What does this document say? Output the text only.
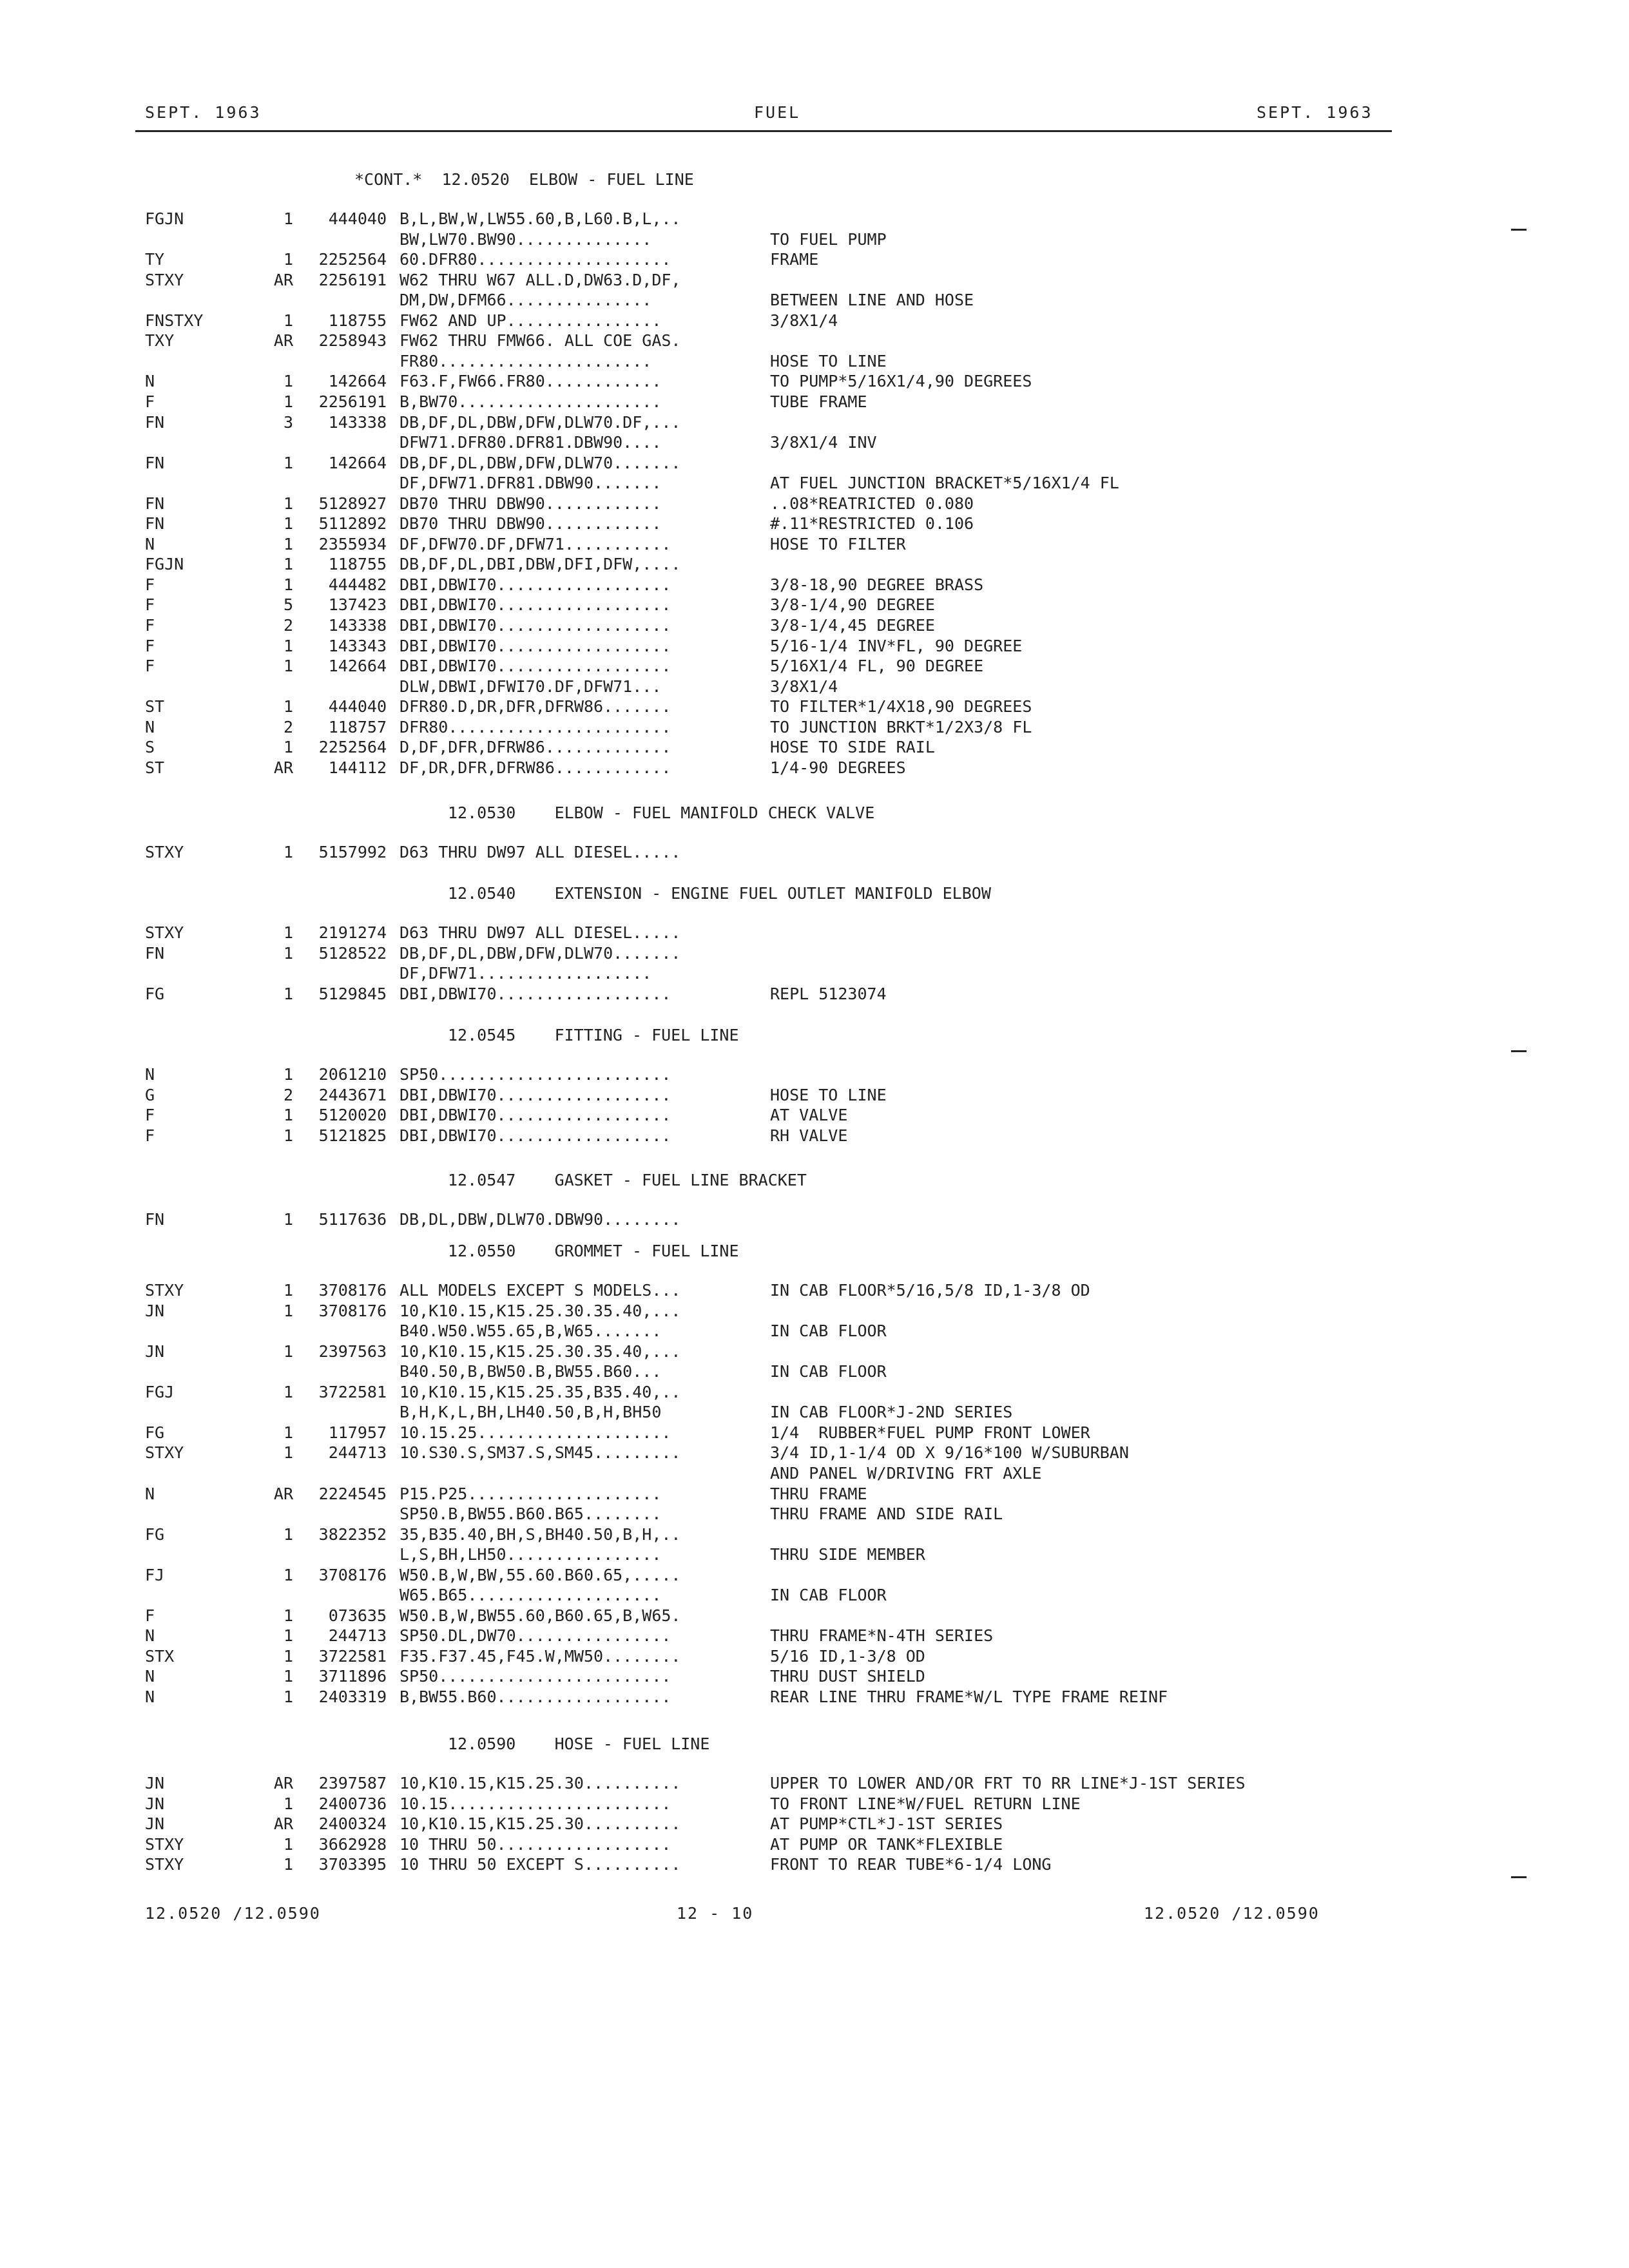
SEPT. 1963	FUEL	SEPT. 1963
*CONT.*  12.0520  ELBOW - FUEL LINE
FGJN	1	444040 B,L,BW,W,LW55.60,B,L60.B,L,..
BW,LW70.BW90..............	TO FUEL PUMP
TY	1	2252564 60.DFR80....................	FRAME
STXY	AR	2256191 W62 THRU W67 ALL.D,DW63.D,DF,
DM,DW,DFM66...............	BETWEEN LINE AND HOSE
FNSTXY	1	118755 FW62 AND UP................	3/8X1/4
TXY	AR	2258943 FW62 THRU FMW66. ALL COE GAS.
FR80......................	HOSE TO LINE
N	1	142664 F63.F,FW66.FR80............	TO PUMP*5/16X1/4,90 DEGREES
F	1	2256191 B,BW70.....................	TUBE FRAME
FN	3	143338 DB,DF,DL,DBW,DFW,DLW70.DF,...
DFW71.DFR80.DFR81.DBW90....	3/8X1/4 INV
FN	1	142664 DB,DF,DL,DBW,DFW,DLW70.......
DF,DFW71.DFR81.DBW90.......	AT FUEL JUNCTION BRACKET*5/16X1/4 FL
FN	1	5128927 DB70 THRU DBW90............	..08*REATRICTED 0.080
FN	1	5112892 DB70 THRU DBW90............	#.11*RESTRICTED 0.106
N	1	2355934 DF,DFW70.DF,DFW71...........	HOSE TO FILTER
FGJN	1	118755 DB,DF,DL,DBI,DBW,DFI,DFW,....
F	1	444482 DBI,DBWI70..................	3/8-18,90 DEGREE BRASS
F	5	137423 DBI,DBWI70..................	3/8-1/4,90 DEGREE
F	2	143338 DBI,DBWI70..................	3/8-1/4,45 DEGREE
F	1	143343 DBI,DBWI70..................	5/16-1/4 INV*FL, 90 DEGREE
F	1	142664 DBI,DBWI70..................	5/16X1/4 FL, 90 DEGREE
DLW,DBWI,DFWI70.DF,DFW71...	3/8X1/4
ST	1	444040 DFR80.D,DR,DFR,DFRW86.......	TO FILTER*1/4X18,90 DEGREES
N	2	118757 DFR80.......................	TO JUNCTION BRKT*1/2X3/8 FL
S	1	2252564 D,DF,DFR,DFRW86.............	HOSE TO SIDE RAIL
ST	AR	144112 DF,DR,DFR,DFRW86............	1/4-90 DEGREES
12.0530    ELBOW - FUEL MANIFOLD CHECK VALVE
STXY	1	5157992 D63 THRU DW97 ALL DIESEL.....
12.0540    EXTENSION - ENGINE FUEL OUTLET MANIFOLD ELBOW
STXY	1	2191274 D63 THRU DW97 ALL DIESEL.....
FN	1	5128522 DB,DF,DL,DBW,DFW,DLW70.......
DF,DFW71..................
FG	1	5129845 DBI,DBWI70..................	REPL 5123074
12.0545    FITTING - FUEL LINE
N	1	2061210 SP50........................
G	2	2443671 DBI,DBWI70..................	HOSE TO LINE
F	1	5120020 DBI,DBWI70..................	AT VALVE
F	1	5121825 DBI,DBWI70..................	RH VALVE
12.0547    GASKET - FUEL LINE BRACKET
FN	1	5117636 DB,DL,DBW,DLW70.DBW90........
12.0550    GROMMET - FUEL LINE
STXY	1	3708176 ALL MODELS EXCEPT S MODELS...	IN CAB FLOOR*5/16,5/8 ID,1-3/8 OD
JN	1	3708176 10,K10.15,K15.25.30.35.40,...
B40.W50.W55.65,B,W65.......	IN CAB FLOOR
JN	1	2397563 10,K10.15,K15.25.30.35.40,...
B40.50,B,BW50.B,BW55.B60...	IN CAB FLOOR
FGJ	1	3722581 10,K10.15,K15.25.35,B35.40,..
B,H,K,L,BH,LH40.50,B,H,BH50	IN CAB FLOOR*J-2ND SERIES
FG	1	117957 10.15.25....................	1/4  RUBBER*FUEL PUMP FRONT LOWER
STXY	1	244713 10.S30.S,SM37.S,SM45.........	3/4 ID,1-1/4 OD X 9/16*100 W/SUBURBAN
AND PANEL W/DRIVING FRT AXLE
N	AR	2224545 P15.P25....................	THRU FRAME
SP50.B,BW55.B60.B65........	THRU FRAME AND SIDE RAIL
FG	1	3822352 35,B35.40,BH,S,BH40.50,B,H,..
L,S,BH,LH50................	THRU SIDE MEMBER
FJ	1	3708176 W50.B,W,BW,55.60.B60.65,.....
W65.B65....................	IN CAB FLOOR
F	1	073635 W50.B,W,BW55.60,B60.65,B,W65.
N	1	244713 SP50.DL,DW70................	THRU FRAME*N-4TH SERIES
STX	1	3722581 F35.F37.45,F45.W,MW50........	5/16 ID,1-3/8 OD
N	1	3711896 SP50........................	THRU DUST SHIELD
N	1	2403319 B,BW55.B60..................	REAR LINE THRU FRAME*W/L TYPE FRAME REINF
12.0590    HOSE - FUEL LINE
JN	AR	2397587 10,K10.15,K15.25.30..........	UPPER TO LOWER AND/OR FRT TO RR LINE*J-1ST SERIES
JN	1	2400736 10.15.......................	TO FRONT LINE*W/FUEL RETURN LINE
JN	AR	2400324 10,K10.15,K15.25.30..........	AT PUMP*CTL*J-1ST SERIES
STXY	1	3662928 10 THRU 50..................	AT PUMP OR TANK*FLEXIBLE
STXY	1	3703395 10 THRU 50 EXCEPT S..........	FRONT TO REAR TUBE*6-1/4 LONG
12.0520 /12.0590	12 - 10	12.0520 /12.0590
